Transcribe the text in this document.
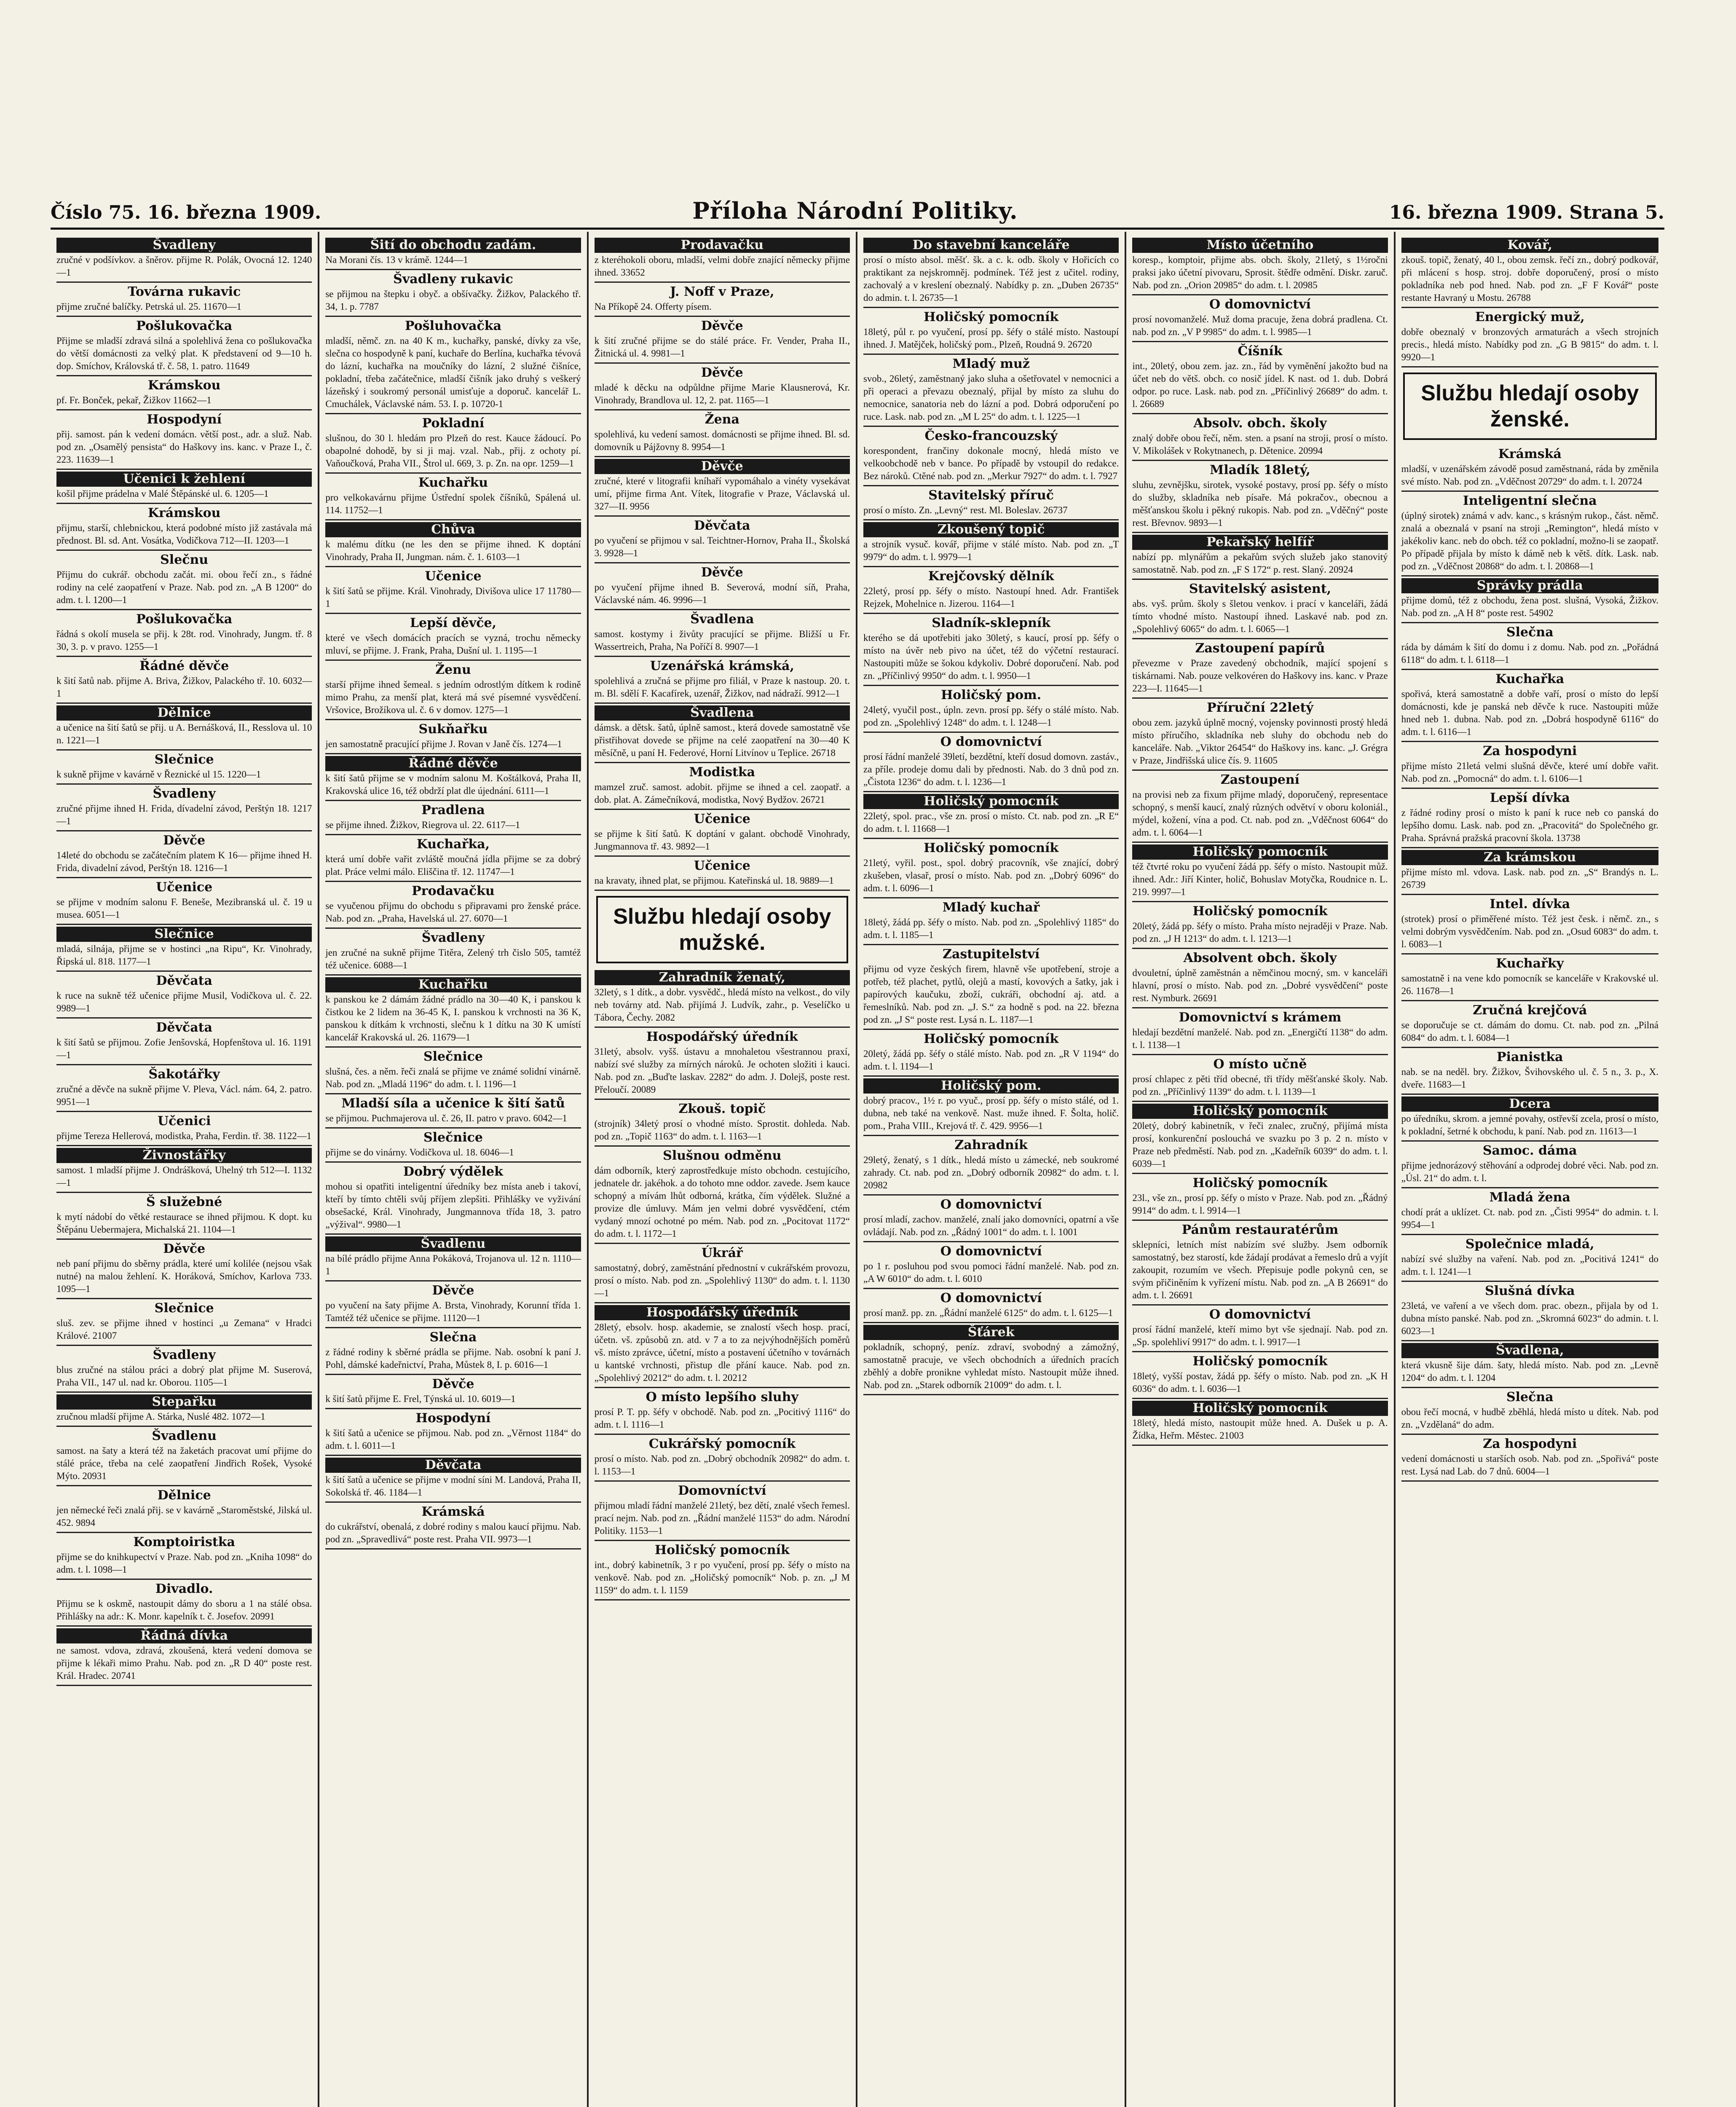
Číslo 75. 16. března 1909.	Příloha Národní Politiky.	16. března 1909. Strana 5.
Švadleny
zručné v podšívkov. a šněrov. přijme R. Polák, Ovocná 12. 1240—1
Továrna rukavic
přijme zručné balíčky. Petrská ul. 25. 11670—1
Pošlukovačka
Přijme se mladší zdravá silná a spolehlivá žena co pošlukovačka do větší domácnosti za velký plat. K představení od 9—10 h. dop. Smíchov, Královská tř. č. 58, 1. patro. 11649
Krámskou
pf. Fr. Bonček, pekař, Žižkov 11662—1
Hospodyní
přij. samost. pán k vedení domácn. větší post., adr. a služ. Nab. pod zn. „Osamělý pensista“ do Haškovy ins. kanc. v Praze I., č. 223. 11639—1
Učenici k žehlení
košil přijme prádelna v Malé Štěpánské ul. 6. 1205—1
Krámskou
přijmu, starší, chlebnickou, která podobné místo již zastávala má přednost. Bl. sd. Ant. Vosátka, Vodičkova 712—II. 1203—1
Slečnu
Přijmu do cukrář. obchodu začát. mi. obou řečí zn., s řádné rodiny na celé zaopatření v Praze. Nab. pod zn. „A B 1200“ do adm. t. l. 1200—1
Pošlukovačka
řádná s okolí musela se přij. k 28t. rod. Vinohrady, Jungm. tř. 8 30, 3. p. v pravo. 1255—1
Řádné děvče
k šití šatů nab. přijme A. Briva, Žižkov, Palackého tř. 10. 6032—1
Dělnice
a učenice na šití šatů se přij. u A. Bernášková, II., Resslova ul. 10 n. 1221—1
Slečnice
k sukně přijme v kavárně v Řeznické ul 15. 1220—1
Švadleny
zručné přijme ihned H. Frida, dívadelní závod, Perštýn 18. 1217—1
Děvče
14leté do obchodu se začátečním platem K 16— přijme ihned H. Frida, divadelní závod, Perštýn 18. 1216—1
Učenice
se přijme v modním salonu F. Beneše, Mezibranská ul. č. 19 u musea. 6051—1
Slečnice
mladá, silnája, přijme se v hostinci „na Ripu“, Kr. Vinohrady, Řipská ul. 818. 1177—1
Děvčata
k ruce na sukně též učenice přijme Musil, Vodičkova ul. č. 22. 9989—1
Děvčata
k šití šatů se přijmou. Zofie Jenšovská, Hopfenštova ul. 16. 1191—1
Šakotářky
zručné a děvče na sukně přijme V. Pleva, Václ. nám. 64, 2. patro. 9951—1
Učenici
přijme Tereza Hellerová, modistka, Praha, Ferdin. tř. 38. 1122—1
Živnostářky
samost. 1 mladší přijme J. Ondrášková, Uhelný trh 512—I. 1132—1
Š služebné
k mytí nádobí do větké restaurace se ihned přijmou. K dopt. ku Štěpánu Uebermajera, Michalská 21. 1104—1
Děvče
neb paní přijmu do sběrny prádla, které umí kolilée (nejsou však nutné) na malou žehlení. K. Horáková, Smíchov, Karlova 733. 1095—1
Slečnice
sluš. zev. se přijme ihned v hostinci „u Zemana“ v Hradci Králové. 21007
Švadleny
blus zručné na stálou práci a dobrý plat přijme M. Suserová, Praha VII., 147 ul. nad kr. Oborou. 1105—1
Stepařku
zručnou mladší přijme A. Stárka, Nuslé 482. 1072—1
Švadlenu
samost. na šaty a která též na žaketách pracovat umí přijme do stálé práce, třeba na celé zaopatření Jindřich Rošek, Vysoké Mýto. 20931
Dělnice
jen německé řeči znalá přij. se v kavárně „Staroměstské, Jilská ul. 452. 9894
Komptoiristka
přijme se do knihkupectví v Praze. Nab. pod zn. „Kniha 1098“ do adm. t. l. 1098—1
Divadlo.
Přijmu se k oskmě, nastoupit dámy do sboru a 1 na stálé obsa. Přihlášky na adr.: K. Monr. kapelník t. č. Josefov. 20991
Řádná dívka
ne samost. vdova, zdravá, zkoušená, která vedení domova se přijme k lékaři mimo Prahu. Nab. pod zn. „R D 40“ poste rest. Král. Hradec. 20741
Šití do obchodu zadám.
Na Morani čís. 13 v krámě. 1244—1
Švadleny rukavic
se přijmou na štepku i obyč. a obšívačky. Žižkov, Palackého tř. 34, 1. p. 7787
Pošluhovačka
mladší, němč. zn. na 40 K m., kuchařky, panské, dívky za vše, slečna co hospodyně k paní, kuchaře do Berlína, kuchařka tévová do lázní, kuchařka na moučníky do lázní, 2 služné čišníce, pokladní, třeba začátečnice, mladší čišník jako druhý s veškerý lázeňský i soukromý personál umisťuje a doporuč. kancelář L. Cmuchálek, Václavské nám. 53. I. p. 10720-1
Pokladní
slušnou, do 30 l. hledám pro Plzeň do rest. Kauce žádoucí. Po obapolné dohodě, by si ji maj. vzal. Nab., přij. z ochoty pí. Vaňoučková, Praha VII., Štrol ul. 669, 3. p. Zn. na opr. 1259—1
Kuchařku
pro velkokavárnu přijme Ústřední spolek číšníků, Spálená ul. 114. 11752—1
Chůva
k malému dítku (ne les den se přijme ihned. K doptání Vinohrady, Praha II, Jungman. nám. č. 1. 6103—1
Učenice
k šití šatů se přijme. Král. Vinohrady, Divišova ulice 17 11780—1
Lepší děvče,
které ve všech domácích pracích se vyzná, trochu německy mluví, se přijme. J. Frank, Praha, Dušní ul. 1. 1195—1
Ženu
starší přijme ihned šemeal. s jedním odrostlým dítkem k rodině mimo Prahu, za menší plat, která má své písemné vysvědčení. Vršovice, Brožíkova ul. č. 6 v domov. 1275—1
Sukňařku
jen samostatně pracující přijme J. Rovan v Janě čís. 1274—1
Řádné děvče
k šití šatů přijme se v modním salonu M. Koštálková, Praha II, Krakovská ulice 16, též obdrží plat dle újednání. 6111—1
Pradlena
se přijme ihned. Žižkov, Riegrova ul. 22. 6117—1
Kuchařka,
která umí dobře vařit zvláště moučná jídla přijme se za dobrý plat. Práce velmi málo. Eliščina tř. 12. 11747—1
Prodavačku
se vyučenou přijmu do obchodu s připravami pro ženské práce. Nab. pod zn. „Praha, Havelská ul. 27. 6070—1
Švadleny
jen zručné na sukně přijme Titěra, Zelený trh čislo 505, tamtéž též učenice. 6088—1
Kuchařku
k panskou ke 2 dámám žádné prádlo na 30—40 K, i panskou k čistkou ke 2 lidem na 36-45 K, I. panskou k vrchnosti na 36 K, panskou k dítkám k vrchnosti, slečnu k 1 dítku na 30 K umístí kancelář Krakovská ul. 26. 11679—1
Slečnice
slušná, čes. a něm. řeči znalá se přijme ve známé solidní vinárně. Nab. pod zn. „Mladá 1196“ do adm. t. l. 1196—1
Mladší síla a učenice k šití šatů
se přijmou. Puchmajerova ul. č. 26, II. patro v pravo. 6042—1
Slečnice
přijme se do vinárny. Vodičkova ul. 18. 6046—1
Dobrý výdělek
mohou si opatřiti inteligentní úředníky bez místa aneb i takoví, kteří by tímto chtěli svůj příjem zlepšiti. Přihlášky ve vyživání obsešacké, Král. Vinohrady, Jungmannova třída 18, 3. patro „výžival“. 9980—1
Švadlenu
na bílé prádlo přijme Anna Pokáková, Trojanova ul. 12 n. 1110—1
Děvče
po vyučení na šaty přijme A. Brsta, Vinohrady, Korunní třída 1. Tamtéž též učenice se přijme. 11120—1
Slečna
z řádné rodiny k sběrné prádla se přijme. Nab. osobní k paní J. Pohl, dámské kadeřnictví, Praha, Můstek 8, I. p. 6016—1
Děvče
k šití šatů přijme E. Frel, Týnská ul. 10. 6019—1
Hospodyní
k šití šatů a učenice se přijmou. Nab. pod zn. „Věrnost 1184“ do adm. t. l. 6011—1
Děvčata
k šití šatů a učenice se přijme v modní síni M. Landová, Praha II, Sokolská tř. 46. 1184—1
Krámská
do cukrářství, obenalá, z dobré rodiny s malou kaucí přijmu. Nab. pod zn. „Spravedlivá“ poste rest. Praha VII. 9973—1
Prodavačku
z kteréhokoli oboru, mladší, velmi dobře znající německy přijme ihned. 33652
J. Noff v Praze,
Na Příkopě 24. Offerty písem.
Děvče
k šití zručné přijme se do stálé práce. Fr. Vender, Praha II., Žitnická ul. 4. 9981—1
Děvče
mladé k děcku na odpůldne přijme Marie Klausnerová, Kr. Vinohrady, Brandlova ul. 12, 2. pat. 1165—1
Žena
spolehlivá, ku vedení samost. domácnosti se přijme ihned. Bl. sd. domovník u Pájžovny 8. 9954—1
Děvče
zručné, které v litografii kníhaří vypomáhalo a vinéty vysekávat umí, přijme firma Ant. Vítek, litografie v Praze, Václavská ul. 327—II. 9956
Děvčata
po vyučení se přijmou v sal. Teichtner-Hornov, Praha II., Školská 3. 9928—1
Děvče
po vyučení přijme ihned B. Severová, modní síň, Praha, Václavské nám. 46. 9996—1
Švadlena
samost. kostymy i živůty pracující se přijme. Bližší u Fr. Wassertreich, Praha, Na Poříčí 8. 9907—1
Uzenářská krámská,
spolehlivá a zručná se přijme pro filiál, v Praze k nastoup. 20. t. m. Bl. sdělí F. Kacafírek, uzenář, Žižkov, nad nádraží. 9912—1
Švadlena
dámsk. a dětsk. šatů, úplně samost., která dovede samostatně vše přistřihovat dovede se přijme na celé zaopatření na 30—40 K měsíčně, u paní H. Federové, Horní Litvínov u Teplice. 26718
Modistka
mamzel zruč. samost. adobit. přijme se ihned a cel. zaopatř. a dob. plat. A. Zámečníková, modistka, Nový Bydžov. 26721
Učenice
se přijme k šití šatů. K doptání v galant. obchodě Vinohrady, Jungmannova tř. 43. 9892—1
Učenice
na kravaty, ihned plat, se přijmou. Kateřinská ul. 18. 9889—1
Službu hledají osoby mužské.
Zahradník ženatý,
32letý, s 1 dítk., a dobr. vysvědč., hledá místo na velkost., do vily neb továrny atd. Nab. přijímá J. Ludvík, zahr., p. Veselíčko u Tábora, Čechy. 2082
Hospodářský úředník
31letý, absolv. vyšš. ústavu a mnohaletou všestrannou praxí, nabízí své služby za mírných nároků. Je ochoten složiti i kauci. Nab. pod zn. „Buďte laskav. 2282“ do adm. J. Dolejš, poste rest. Přeloučí. 20089
Zkouš. topič
(strojník) 34letý prosí o vhodné místo. Sprostit. dohleda. Nab. pod zn. „Topič 1163“ do adm. t. l. 1163—1
Slušnou odměnu
dám odborník, který zaprostředkuje místo obchodn. cestujícího, jednatele dr. jakéhok. a do tohoto mne oddor. zavede. Jsem kauce schopný a mívám lhůt odborná, krátka, čím výdělek. Služné a provize dle úmluvy. Mám jen velmi dobré vysvědčení, ctém vydaný mnozí ochotné po mém. Nab. pod zn. „Pocitovat 1172“ do adm. t. l. 1172—1
Úkrář
samostatný, dobrý, zaměstnání přednostní v cukrářském provozu, prosí o místo. Nab. pod zn. „Spolehlivý 1130“ do adm. t. l. 1130—1
Hospodářský úředník
28letý, ebsolv. hosp. akademie, se znalostí všech hosp. prací, účetn. vš. způsobů zn. atd. v 7 a to za nejvýhodnějších poměrů vš. místo zprávce, účetní, místo a postavení účetního v továrnách u kantské vrchnosti, přistup dle přání kauce. Nab. pod zn. „Spolehlivý 20212“ do adm. t. l. 20212
O místo lepšího sluhy
prosí P. T. pp. šéfy v obchodě. Nab. pod zn. „Pocitivý 1116“ do adm. t. l. 1116—1
Cukrářský pomocník
prosí o místo. Nab. pod zn. „Dobrý obchodník 20982“ do adm. t. l. 1153—1
Domovníctví
přijmou mladí řádní manželé 21letý, bez dětí, znalé všech řemesl. prací nejm. Nab. pod zn. „Řádní manželé 1153“ do adm. Národní Politiky. 1153—1
Holičský pomocník
int., dobrý kabinetník, 3 r po vyučení, prosí pp. šéfy o místo na venkově. Nab. pod zn. „Holičský pomocník“ Nob. p. zn. „J M 1159“ do adm. t. l. 1159
Do stavební kanceláře
prosí o místo absol. měšť. šk. a c. k. odb. školy v Hořicích co praktikant za nejskromněj. podmínek. Též jest z učitel. rodiny, zachovalý a v kreslení obeznalý. Nabídky p. zn. „Duben 26735“ do admin. t. l. 26735—1
Holičský pomocník
18letý, půl r. po vyučení, prosí pp. šéfy o stálé místo. Nastoupí ihned. J. Matějček, holičský pom., Plzeň, Roudná 9. 26720
Mladý muž
svob., 26letý, zaměstnaný jako sluha a ošetřovatel v nemocnici a při operaci a převazu obeznalý, přijal by místo za sluhu do nemocnice, sanatoria neb do lázní a pod. Dobrá odporučení po ruce. Lask. nab. pod zn. „M L 25“ do adm. t. l. 1225—1
Česko-francouzský
korespondent, frančiny dokonale mocný, hledá místo ve velkoobchodě neb v bance. Po případě by vstoupil do redakce. Bez nároků. Ctěné nab. pod zn. „Merkur 7927“ do adm. t. l. 7927
Stavitelský příruč
prosí o místo. Zn. „Levný“ rest. Ml. Boleslav. 26737
Zkoušený topič
a strojník vysuč. kovář, přijme v stálé místo. Nab. pod zn. „T 9979“ do adm. t. l. 9979—1
Krejčovský dělník
22letý, prosí pp. šéfy o místo. Nastoupí hned. Adr. František Rejzek, Mohelnice n. Jizerou. 1164—1
Sladník-sklepník
kterého se dá upotřebiti jako 30letý, s kaucí, prosí pp. šéfy o místo na úvěr neb pivo na účet, též do výčetní restaurací. Nastoupiti může se šokou kdykoliv. Dobré doporučení. Nab. pod zn. „Příčinlivý 9950“ do adm. t. l. 9950—1
Holičský pom.
24letý, vyučil post., úpln. zevn. prosí pp. šéfy o stálé místo. Nab. pod zn. „Spolehlivý 1248“ do adm. t. l. 1248—1
O domovnictví
prosí řádní manželé 39letí, bezdětní, kteří dosud domovn. zastáv., za příle. prodeje domu dali by přednosti. Nab. do 3 dnů pod zn. „Čistota 1236“ do adm. t. l. 1236—1
Holičský pomocník
22letý, spol. prac., vše zn. prosí o místo. Ct. nab. pod zn. „R E“ do adm. t. l. 11668—1
Holičský pomocník
21letý, vyřil. post., spol. dobrý pracovník, vše znající, dobrý zkušeben, vlasař, prosí o místo. Nab. pod zn. „Dobrý 6096“ do adm. t. l. 6096—1
Mladý kuchař
18letý, žádá pp. šéfy o místo. Nab. pod zn. „Spolehlivý 1185“ do adm. t. l. 1185—1
Zastupitelství
přijmu od vyze českých firem, hlavně vše upotřebení, stroje a potřeb, též plachet, pytlů, olejů a mastí, kovových a šatky, jak i papírových kaučuku, zboží, cukráři, obchodní aj. atd. a řemeslníků. Nab. pod zn. „J. S.“ za hodně s pod. na 22. března pod zn. „J S“ poste rest. Lysá n. L. 1187—1
Holičský pomocník
20letý, žádá pp. šéfy o stálé místo. Nab. pod zn. „R V 1194“ do adm. t. l. 1194—1
Holičský pom.
dobrý pracov., 1½ r. po vyuč., prosí pp. šéfy o místo stálé, od 1. dubna, neb také na venkově. Nast. muže ihned. F. Šolta, holič. pom., Praha VIII., Krejová tř. č. 429. 9956—1
Zahradník
29letý, ženatý, s 1 dítk., hledá místo u zámecké, neb soukromé zahrady. Ct. nab. pod zn. „Dobrý odborník 20982“ do adm. t. l. 20982
O domovnictví
prosí mladí, zachov. manželé, znalí jako domovníci, opatrní a vše ovládají. Nab. pod zn. „Řádný 1001“ do adm. t. l. 1001
O domovnictví
po 1 r. posluhou pod svou pomoci řádní manželé. Nab. pod zn. „A W 6010“ do adm. t. l. 6010
O domovnictví
prosí manž. pp. zn. „Řádní manželé 6125“ do adm. t. l. 6125—1
Šťárek
pokladník, schopný, peníz. zdraví, svobodný a zámožný, samostatně pracuje, ve všech obchodních a úředních pracích zběhlý a dobře pronikne vyhledat místo. Nastoupit může ihned. Nab. pod zn. „Starek odborník 21009“ do adm. t. l.
Místo účetního
koresp., komptoir, přijme abs. obch. školy, 21letý, s 1½ročni praksi jako účetní pivovaru, Sprosit. štědře odmění. Diskr. zaruč. Nab. pod zn. „Orion 20985“ do adm. t. l. 20985
O domovnictví
prosí novomanželé. Muž doma pracuje, žena dobrá pradlena. Ct. nab. pod zn. „V P 9985“ do adm. t. l. 9985—1
Číšník
int., 20letý, obou zem. jaz. zn., řád by vyměnění jakožto bud na účet neb do větš. obch. co nosič jídel. K nast. od 1. dub. Dobrá odpor. po ruce. Lask. nab. pod zn. „Příčinlivý 26689“ do adm. t. l. 26689
Absolv. obch. školy
znalý dobře obou řečí, něm. sten. a psaní na stroji, prosí o místo. V. Mikolášek v Rokytnanech, p. Dětenice. 20994
Mladík 18letý,
sluhu, zevnějšku, sirotek, vysoké postavy, prosí pp. šéfy o místo do služby, skladníka neb písaře. Má pokračov., obecnou a měšťanskou školu i pěkný rukopis. Nab. pod zn. „Vděčný“ poste rest. Břevnov. 9893—1
Pekařský helfíř
nabízí pp. mlynářům a pekařům svých služeb jako stanovitý samostatně. Nab. pod zn. „F S 172“ p. rest. Slaný. 20924
Stavitelský asistent,
abs. vyš. prům. školy s šletou venkov. i prací v kanceláři, žádá tímto vhodné místo. Nastoupí ihned. Laskavé nab. pod zn. „Spolehlivý 6065“ do adm. t. l. 6065—1
Zastoupení papírů
převezme v Praze zavedený obchodník, mající spojení s tiskárnami. Nab. pouze velkovéren do Haškovy ins. kanc. v Praze 223—I. 11645—1
Příruční 22letý
obou zem. jazyků úplně mocný, vojensky povinnosti prostý hledá místo příručího, skladníka neb sluhy do obchodu neb do kanceláře. Nab. „Viktor 26454“ do Haškovy ins. kanc. „J. Grégra v Praze, Jindřišská ulice čís. 9. 11605
Zastoupení
na provisi neb za fixum přijme mladý, doporučený, representace schopný, s menší kaucí, znalý různých odvětví v oboru koloniál., mýdel, kožení, vína a pod. Ct. nab. pod zn. „Vděčnost 6064“ do adm. t. l. 6064—1
Holičský pomocník
též čtvrté roku po vyučení žádá pp. šéfy o místo. Nastoupit můž. ihned. Adr.: Jiří Kinter, holič, Bohuslav Motyčka, Roudnice n. L. 219. 9997—1
Holičský pomocník
20letý, žádá pp. šéfy o místo. Praha místo nejraději v Praze. Nab. pod zn. „J H 1213“ do adm. t. l. 1213—1
Absolvent obch. školy
dvouletní, úplně zaměstnán a němčinou mocný, sm. v kanceláři hlavní, prosí o místo. Nab. pod zn. „Dobré vysvědčení“ poste rest. Nymburk. 26691
Domovnictví s krámem
hledají bezdětní manželé. Nab. pod zn. „Energičtí 1138“ do adm. t. l. 1138—1
O místo učně
prosí chlapec z pěti tříd obecné, tři třídy měšťanské školy. Nab. pod zn. „Příčinlivý 1139“ do adm. t. l. 1139—1
Holičský pomocník
20letý, dobrý kabinetník, v řeči znalec, zručný, přijímá místa prosí, konkurenční poslouchá ve svazku po 3 p. 2 n. místo v Praze neb předměstí. Nab. pod zn. „Kadeřník 6039“ do adm. t. l. 6039—1
Holičský pomocník
23l., vše zn., prosí pp. šéfy o místo v Praze. Nab. pod zn. „Řádný 9914“ do adm. t. l. 9914—1
Pánům restauratérům
sklepníci, letních míst nabízím své služby. Jsem odborník samostatný, bez starostí, kde žádají prodávat a řemeslo drů a vyjít zakoupit, rozumím ve všech. Přepisuje podle pokynů cen, se svým přičiněním k vyřízení místu. Nab. pod zn. „A B 26691“ do adm. t. l. 26691
O domovnictví
prosí řádní manželé, kteří mimo byt vše sjednají. Nab. pod zn. „Sp. spolehliví 9917“ do adm. t. l. 9917—1
Holičský pomocník
18letý, vyšší postav, žádá pp. šéfy o místo. Nab. pod zn. „K H 6036“ do adm. t. l. 6036—1
Holičský pomocník
18letý, hledá místo, nastoupit může hned. A. Dušek u p. A. Žídka, Heřm. Městec. 21003
Kovář,
zkouš. topič, ženatý, 40 l., obou zemsk. řečí zn., dobrý podkovář, při mlácení s hosp. stroj. dobře doporučený, prosí o místo pokladníka neb pod hned. Nab. pod zn. „F F Kovář“ poste restante Havraný u Mostu. 26788
Energický muž,
dobře obeznalý v bronzových armaturách a všech strojních precis., hledá místo. Nabídky pod zn. „G B 9815“ do adm. t. l. 9920—1
Službu hledají osoby ženské.
Krámská
mladší, v uzenářském závodě posud zaměstnaná, ráda by změnila své místo. Nab. pod zn. „Vděčnost 20729“ do adm. t. l. 20724
Inteligentní slečna
(úplný sirotek) známá v adv. kanc., s krásným rukop., část. němč. znalá a obeznalá v psaní na stroji „Remington“, hledá místo v jakékoliv kanc. neb do obch. též co pokladní, možno-li se zaopatř. Po případě přijala by místo k dámě neb k větš. dítk. Lask. nab. pod zn. „Vděčnost 20868“ do adm. t. l. 20868—1
Správky prádla
přijme domů, též z obchodu, žena post. slušná, Vysoká, Žižkov. Nab. pod zn. „A H 8“ poste rest. 54902
Slečna
ráda by dámám k šití do domu i z domu. Nab. pod zn. „Pořádná 6118“ do adm. t. l. 6118—1
Kuchařka
spořivá, která samostatně a dobře vaří, prosí o místo do lepší domácnosti, kde je panská neb děvče k ruce. Nastoupiti může hned neb 1. dubna. Nab. pod zn. „Dobrá hospodyně 6116“ do adm. t. l. 6116—1
Za hospodyni
přijme místo 21letá velmi slušná děvče, které umí dobře vařit. Nab. pod zn. „Pomocná“ do adm. t. l. 6106—1
Lepší dívka
z řádné rodiny prosí o místo k paní k ruce neb co panská do lepšího domu. Lask. nab. pod zn. „Pracovitá“ do Společného gr. Praha. Správná pražská pracovní škola. 13738
Za krámskou
přijme místo ml. vdova. Lask. nab. pod zn. „S“ Brandýs n. L. 26739
Intel. dívka
(strotek) prosí o přiměřené místo. Též jest česk. i němč. zn., s velmi dobrým vysvědčením. Nab. pod zn. „Osud 6083“ do adm. t. l. 6083—1
Kuchařky
samostatně i na vene kdo pomocník se kanceláře v Krakovské ul. 26. 11678—1
Zručná krejčová
se doporučuje se ct. dámám do domu. Ct. nab. pod zn. „Pilná 6084“ do adm. t. l. 6084—1
Pianistka
nab. se na neděl. bry. Žižkov, Švihovského ul. č. 5 n., 3. p., X. dveře. 11683—1
Dcera
po úředníku, skrom. a jemné povahy, ostřevší zcela, prosí o místo, k pokladní, šetrné k obchodu, k paní. Nab. pod zn. 11613—1
Samoc. dáma
přijme jednorázový stěhování a odprodej dobré věci. Nab. pod zn. „Úsl. 21“ do adm. t. l.
Mladá žena
chodí prát a uklízet. Ct. nab. pod zn. „Čisti 9954“ do admin. t. l. 9954—1
Společnice mladá,
nabízí své služby na vaření. Nab. pod zn. „Pocitivá 1241“ do adm. t. l. 1241—1
Slušná dívka
23letá, ve vaření a ve všech dom. prac. obezn., přijala by od 1. dubna místo panské. Nab. pod zn. „Skromná 6023“ do admin. t. l. 6023—1
Švadlena,
která vkusně šije dám. šaty, hledá místo. Nab. pod zn. „Levně 1204“ do adm. t. l. 1204
Slečna
obou řečí mocná, v hudbě zběhlá, hledá místo u dítek. Nab. pod zn. „Vzdělaná“ do adm.
Za hospodyni
vedení domácnosti u starších osob. Nab. pod zn. „Spořivá“ poste rest. Lysá nad Lab. do 7 dnů. 6004—1
